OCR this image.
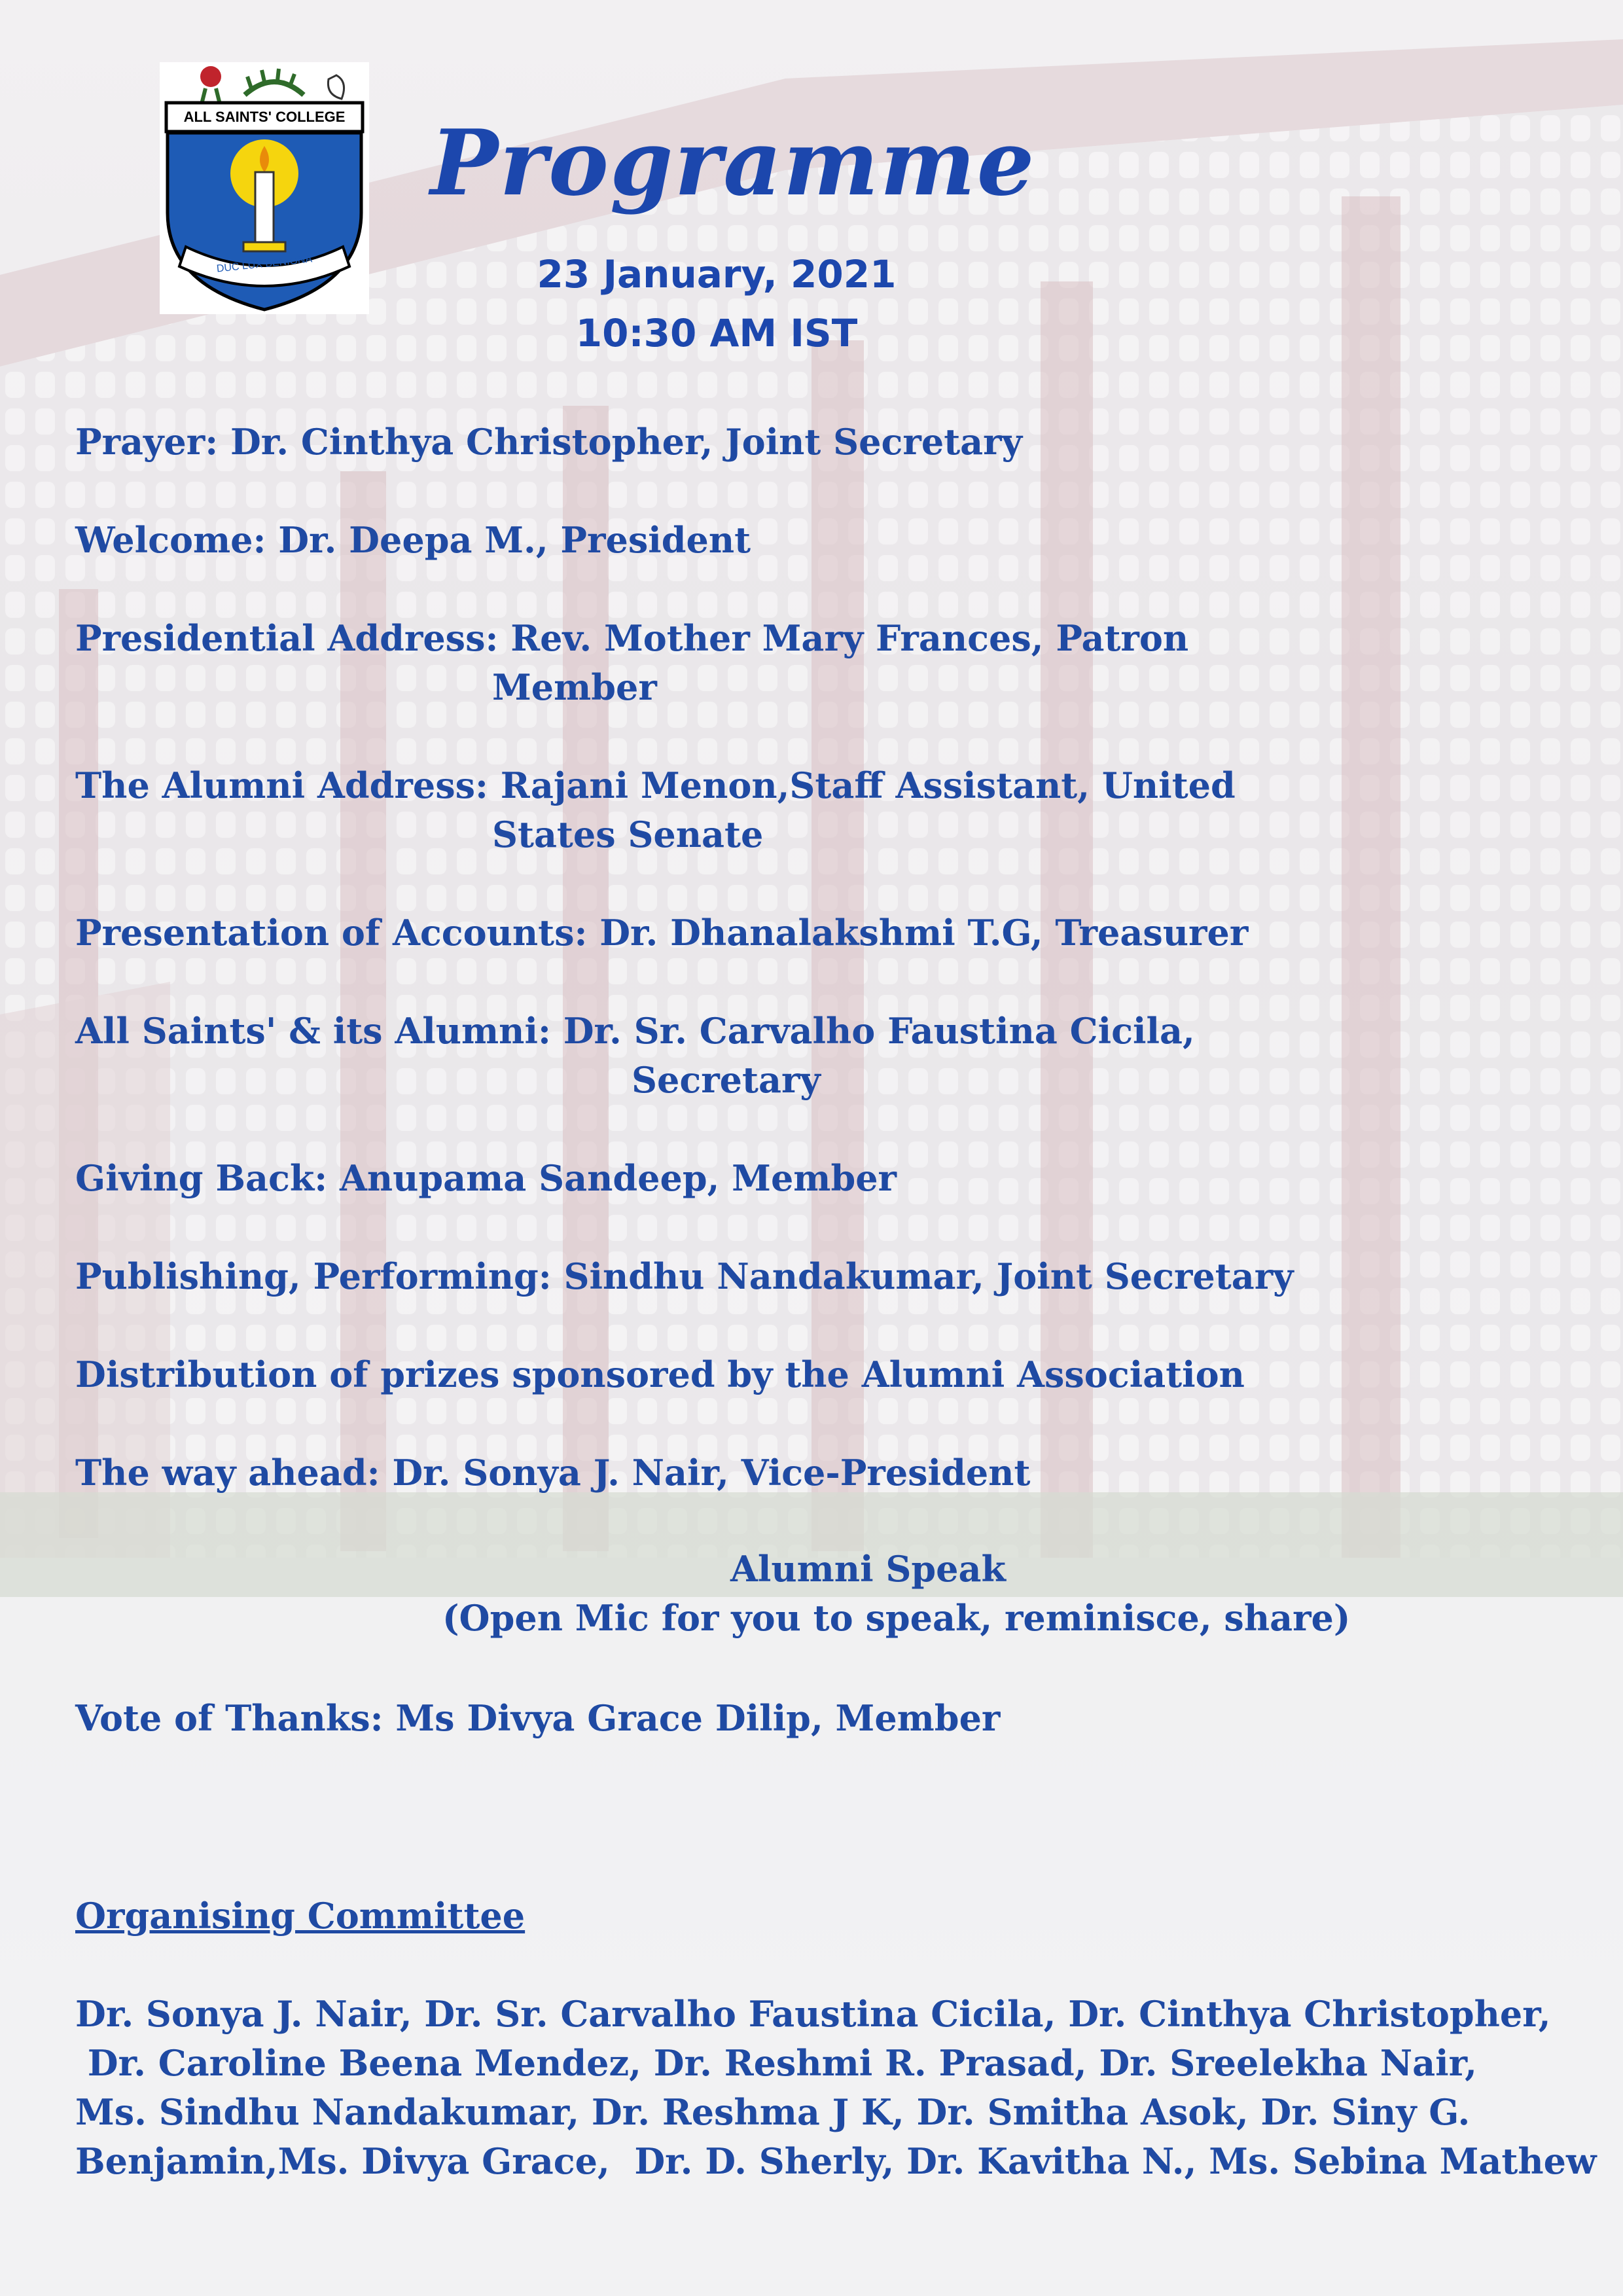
ALL SAINTS' COLLEGE
DUC LUX BENIGNA
Programme
23 January, 2021
10:30 AM IST
Prayer: Dr. Cinthya Christopher, Joint Secretary
Welcome: Dr. Deepa M., President
Presidential Address: Rev. Mother Mary Frances, Patron
Member
The Alumni Address: Rajani Menon,Staff Assistant, United
States Senate
Presentation of Accounts: Dr. Dhanalakshmi T.G, Treasurer
All Saints' & its Alumni: Dr. Sr. Carvalho Faustina Cicila,
Secretary
Giving Back: Anupama Sandeep, Member
Publishing, Performing: Sindhu Nandakumar, Joint Secretary
Distribution of prizes sponsored by the Alumni Association
The way ahead: Dr. Sonya J. Nair, Vice-President
Alumni Speak
(Open Mic for you to speak, reminisce, share)
Vote of Thanks: Ms Divya Grace Dilip, Member
Organising Committee
Dr. Sonya J. Nair, Dr. Sr. Carvalho Faustina Cicila, Dr. Cinthya Christopher,
Dr. Caroline Beena Mendez, Dr. Reshmi R. Prasad, Dr. Sreelekha Nair,
Ms. Sindhu Nandakumar, Dr. Reshma J K, Dr. Smitha Asok, Dr. Siny G.
Benjamin,Ms. Divya Grace,  Dr. D. Sherly, Dr. Kavitha N., Ms. Sebina Mathew
